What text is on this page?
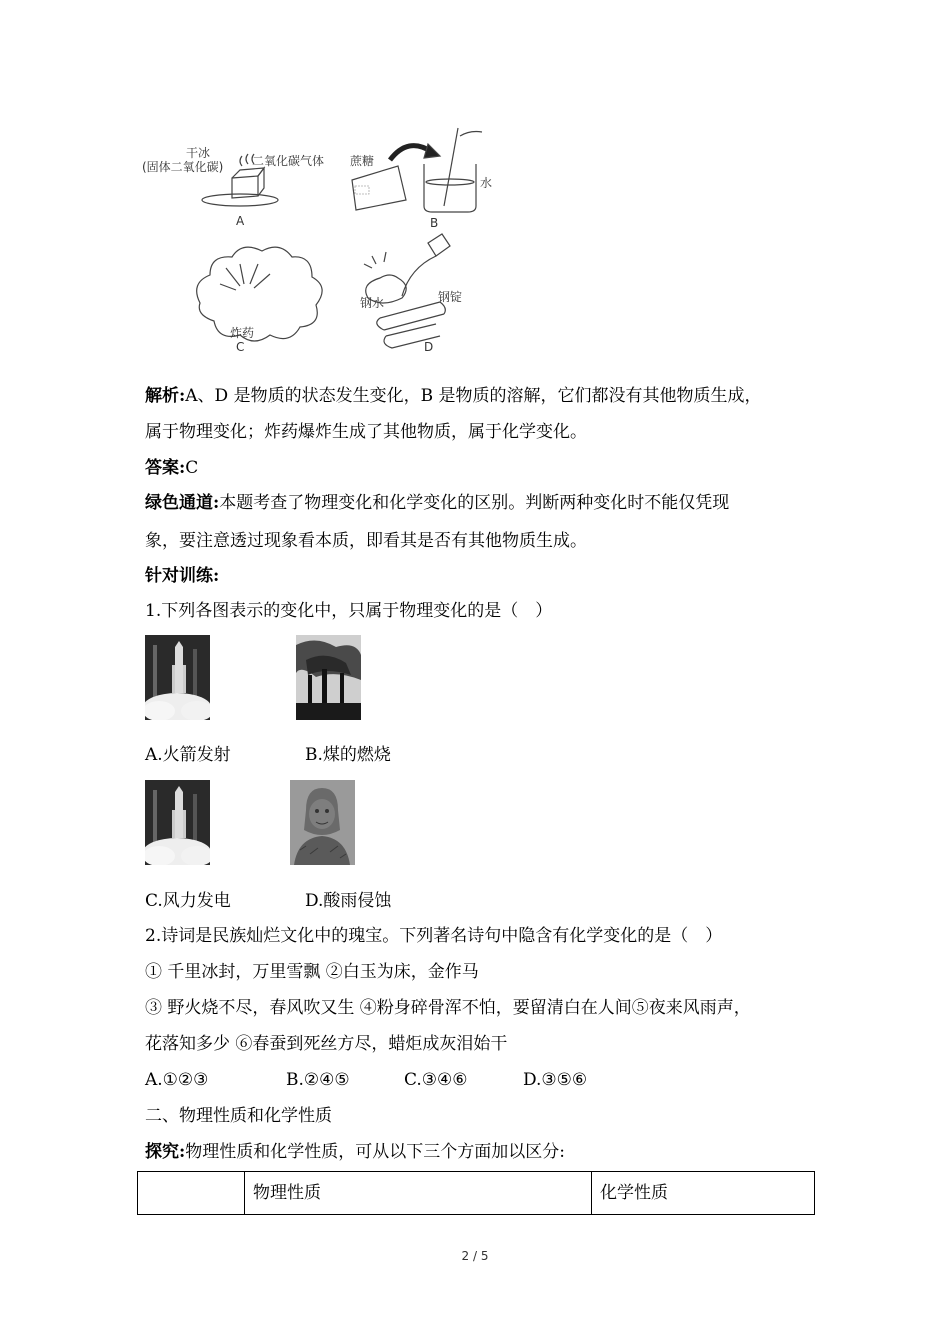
干冰
(固体二氧化碳) 二氧化碳气体
A
蔗糖
水
B
炸药
C
钢水	钢锭
D
解析:A、D 是物质的状态发生变化，B 是物质的溶解，它们都没有其他物质生成，
属于物理变化；炸药爆炸生成了其他物质，属于化学变化。
答案:C
绿色通道:本题考查了物理变化和化学变化的区别。判断两种变化时不能仅凭现
象，要注意透过现象看本质，即看其是否有其他物质生成。
针对训练:
1.下列各图表示的变化中，只属于物理变化的是（　）
A.火箭发射	B.煤的燃烧
C.风力发电	D.酸雨侵蚀
2.诗词是民族灿烂文化中的瑰宝。下列著名诗句中隐含有化学变化的是（　）
① 千里冰封，万里雪飘 ②白玉为床，金作马
③ 野火烧不尽，春风吹又生 ④粉身碎骨浑不怕，要留清白在人间⑤夜来风雨声，
花落知多少 ⑥春蚕到死丝方尽，蜡炬成灰泪始干
A.①②③	B.②④⑤	C.③④⑥	D.③⑤⑥
二、物理性质和化学性质
探究:物理性质和化学性质，可从以下三个方面加以区分:
	物理性质	化学性质
2 / 5
